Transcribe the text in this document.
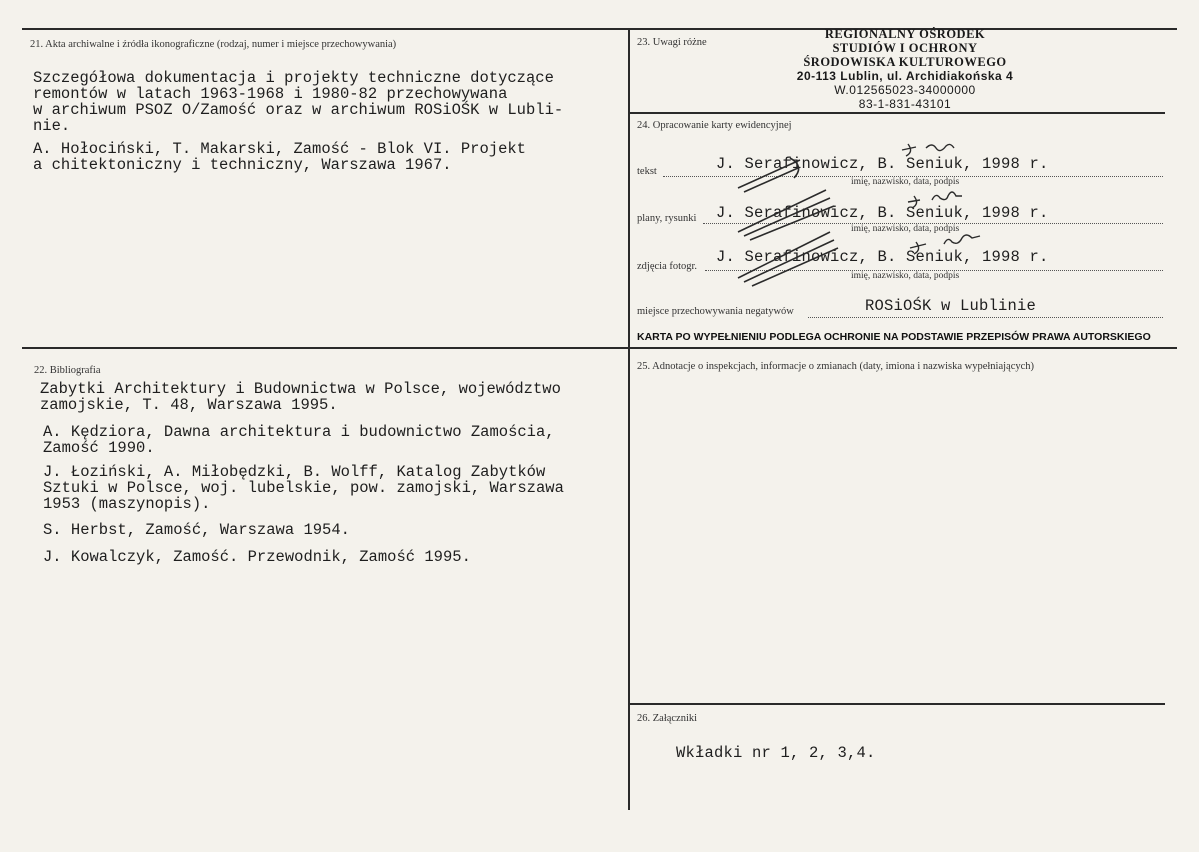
21. Akta archiwalne i źródła ikonograficzne (rodzaj, numer i miejsce przechowywania)
Szczegółowa dokumentacja i projekty techniczne dotyczące
remontów w latach 1963-1968 i 1980-82 przechowywana
w archiwum PSOZ O/Zamość oraz w archiwum ROSiOŚK w Lubli-
nie.
A. Hołociński, T. Makarski, Zamość - Blok VI. Projekt
a chitektoniczny i techniczny, Warszawa 1967.
22. Bibliografia
Zabytki Architektury i Budownictwa w Polsce, województwo
zamojskie, T. 48, Warszawa 1995.
A. Kędziora, Dawna architektura i budownictwo Zamościa,
Zamość 1990.
J. Łoziński, A. Miłobędzki, B. Wolff, Katalog Zabytków
Sztuki w Polsce, woj. lubelskie, pow. zamojski, Warszawa
1953 (maszynopis).
S. Herbst, Zamość, Warszawa 1954.
J. Kowalczyk, Zamość. Przewodnik, Zamość 1995.
23. Uwagi różne
REGIONALNY OŚRODEK
STUDIÓW I OCHRONY
ŚRODOWISKA KULTUROWEGO
20-113 Lublin, ul. Archidiakońska 4
W.012565023-34000000
83-1-831-43101
24. Opracowanie karty ewidencyjnej
tekst	J. Serafinowicz, B. Seniuk, 1998 r.
imię, nazwisko, data, podpis
plany, rysunki J. Serafinowicz, B. Seniuk, 1998 r.
imię, nazwisko, data, podpis
zdjęcia fotogr.
J. Serafinowicz, B. Seniuk, 1998 r.
imię, nazwisko, data, podpis
miejsce przechowywania negatywów	ROSiOŚK w Lublinie
KARTA PO WYPEŁNIENIU PODLEGA OCHRONIE NA PODSTAWIE PRZEPISÓW PRAWA AUTORSKIEGO
25. Adnotacje o inspekcjach, informacje o zmianach (daty, imiona i nazwiska wypełniających)
26. Załączniki
Wkładki nr 1, 2, 3,4.
